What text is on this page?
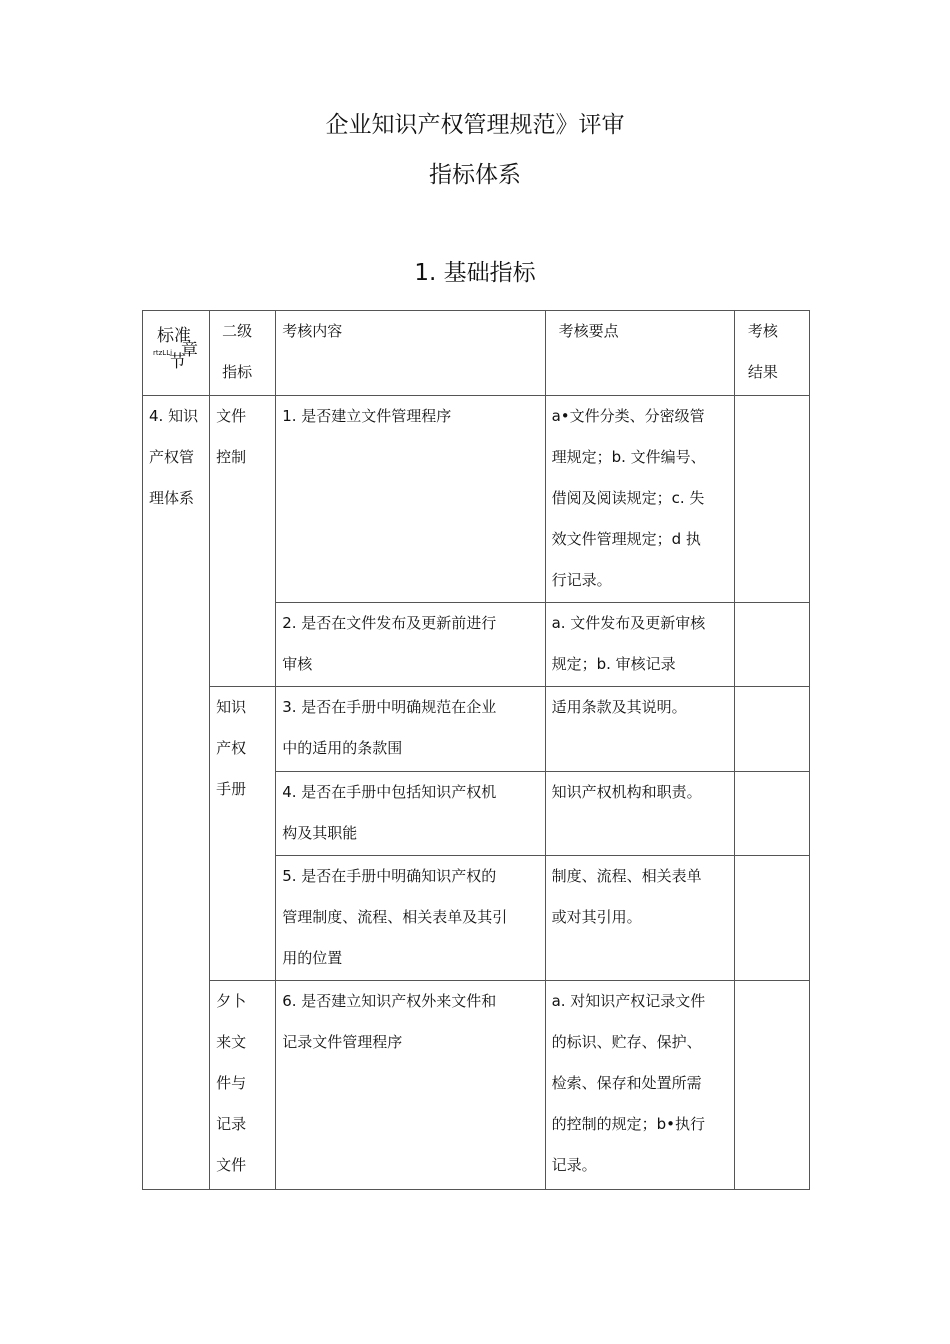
企业知识产权管理规范》评审
指标体系
1. 基础指标
标准
章
rtzLLi
节	二级
指标	考核内容	考核要点	考核
结果

4. 知识
产权管
理体系	文件
控制	1. 是否建立文件管理程序	a•文件分类、分密级管
理规定；b. 文件编号、
借阅及阅读规定；c. 失
效文件管理规定；d 执
行记录。	

		2. 是否在文件发布及更新前进行
审核	a. 文件发布及更新审核
规定；b. 审核记录	

	知识
产权
手册	3. 是否在手册中明确规范在企业
中的适用的条款围	适用条款及其说明。	

		4. 是否在手册中包括知识产权机
构及其职能	知识产权机构和职责。	

		5. 是否在手册中明确知识产权的
管理制度、流程、相关表单及其引
用的位置	制度、流程、相关表单
或对其引用。	

	夕卜
来文
件与
记录
文件	6. 是否建立知识产权外来文件和
记录文件管理程序	a. 对知识产权记录文件
的标识、贮存、保护、
检索、保存和处置所需
的控制的规定；b•执行
记录。	
